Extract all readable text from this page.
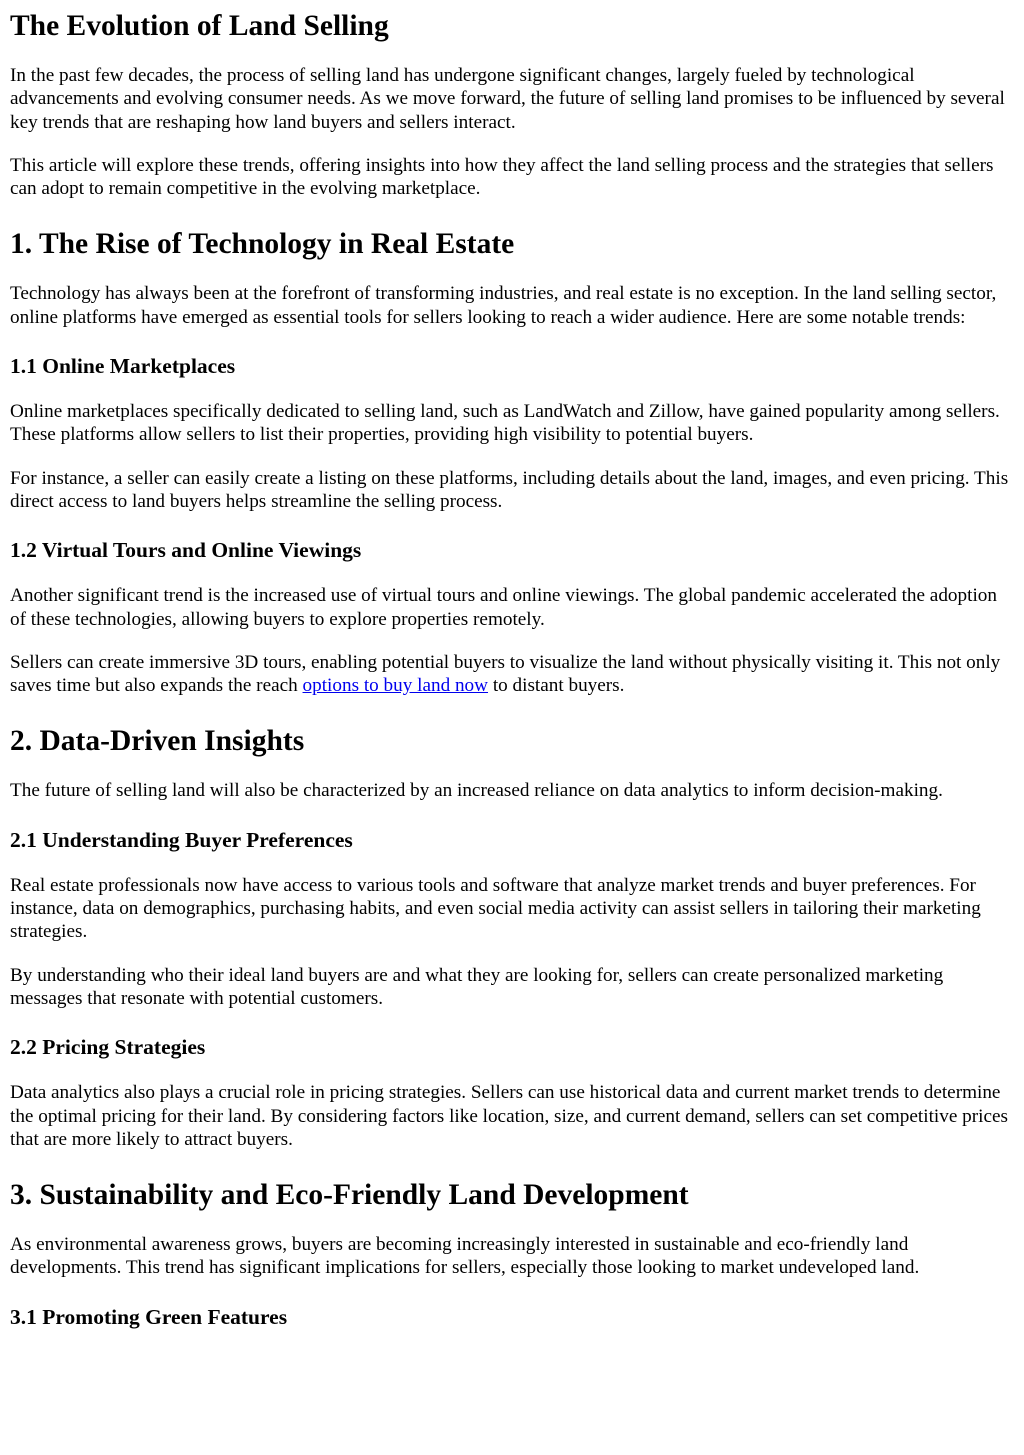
The Evolution of Land Selling

In the past few decades, the process of selling land has undergone significant changes, largely fueled by technological advancements and evolving consumer needs. As we move forward, the future of selling land promises to be influenced by several key trends that are reshaping how land buyers and sellers interact.

This article will explore these trends, offering insights into how they affect the land selling process and the strategies that sellers can adopt to remain competitive in the evolving marketplace.

1. The Rise of Technology in Real Estate

Technology has always been at the forefront of transforming industries, and real estate is no exception. In the land selling sector, online platforms have emerged as essential tools for sellers looking to reach a wider audience. Here are some notable trends:

1.1 Online Marketplaces

Online marketplaces specifically dedicated to selling land, such as LandWatch and Zillow, have gained popularity among sellers. These platforms allow sellers to list their properties, providing high visibility to potential buyers.

For instance, a seller can easily create a listing on these platforms, including details about the land, images, and even pricing. This direct access to land buyers helps streamline the selling process.

1.2 Virtual Tours and Online Viewings

Another significant trend is the increased use of virtual tours and online viewings. The global pandemic accelerated the adoption of these technologies, allowing buyers to explore properties remotely.

Sellers can create immersive 3D tours, enabling potential buyers to visualize the land without physically visiting it. This not only saves time but also expands the reach options to buy land now to distant buyers.

2. Data-Driven Insights

The future of selling land will also be characterized by an increased reliance on data analytics to inform decision-making.

2.1 Understanding Buyer Preferences

Real estate professionals now have access to various tools and software that analyze market trends and buyer preferences. For instance, data on demographics, purchasing habits, and even social media activity can assist sellers in tailoring their marketing strategies.

By understanding who their ideal land buyers are and what they are looking for, sellers can create personalized marketing messages that resonate with potential customers.

2.2 Pricing Strategies

Data analytics also plays a crucial role in pricing strategies. Sellers can use historical data and current market trends to determine the optimal pricing for their land. By considering factors like location, size, and current demand, sellers can set competitive prices that are more likely to attract buyers.

3. Sustainability and Eco-Friendly Land Development

As environmental awareness grows, buyers are becoming increasingly interested in sustainable and eco-friendly land developments. This trend has significant implications for sellers, especially those looking to market undeveloped land.

3.1 Promoting Green Features
